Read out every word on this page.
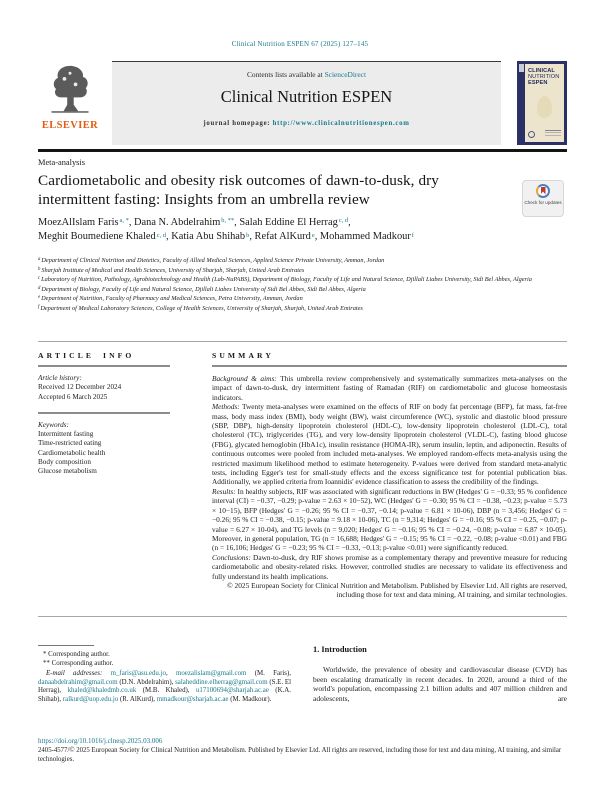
Clinical Nutrition ESPEN 67 (2025) 127–145
ELSEVIER
Contents lists available at ScienceDirect
Clinical Nutrition ESPEN
journal homepage: http://www.clinicalnutritionespen.com
CLINICAL
NUTRITION
ESPEN
Meta-analysis
Cardiometabolic and obesity risk outcomes of dawn-to-dusk, dry intermittent fasting: Insights from an umbrella review	Check for updates
MoezAlIslam Faris$^{a, *}$, Dana N. Abdelrahim$^{b, **}$, Salah Eddine El Herrag$^{c, d}$,
Meghit Boumediene Khaled$^{c, d}$, Katia Abu Shihab$^b$, Refat AlKurd$^e$, Mohammed Madkour$^f$
$^a$Department of Clinical Nutrition and Dietetics, Faculty of Allied Medical Sciences, Applied Science Private University, Amman, Jordan
$^b$Sharjah Institute of Medical and Health Sciences, University of Sharjah, Sharjah, United Arab Emirates
$^c$Laboratory of Nutrition, Pathology, Agrobiotechnology and Health (Lab-NuPABS), Department of Biology, Faculty of Life and Natural Science, Djillali Liabes University, Sidi Bel Abbes, Algeria
$^d$Department of Biology, Faculty of Life and Natural Science, Djillali Liabes University of Sidi Bel Abbes, Sidi Bel Abbes, Algeria
$^e$Department of Nutrition, Faculty of Pharmacy and Medical Sciences, Petra University, Amman, Jordan
$^f$Department of Medical Laboratory Sciences, College of Health Sciences, University of Sharjah, Sharjah, United Arab Emirates
ARTICLE INFO
Article history:
Received 12 December 2024
Accepted 6 March 2025
Keywords:
Intermittent fasting
Time-restricted eating
Cardiometabolic health
Body composition
Glucose metabolism
SUMMARY

Background & aims: This umbrella review comprehensively and systematically summarizes meta-analyses on the impact of dawn-to-dusk, dry intermittent fasting of Ramadan (RIF) on cardiometabolic and glucose homeostasis indicators.

Methods: Twenty meta-analyses were examined on the effects of RIF on body fat percentage (BFP), fat mass, fat-free mass, body mass index (BMI), body weight (BW), waist circumference (WC), systolic and diastolic blood pressure (SBP, DBP), high-density lipoprotein cholesterol (HDL-C), low-density lipoprotein cholesterol (LDL-C), total cholesterol (TC), triglycerides (TG), and very low-density lipoprotein cholesterol (VLDL-C), fasting blood glucose (FBG), glycated hemoglobin (HbA1c), insulin resistance (HOMA-IR), serum insulin, leptin, and adiponectin. Results of continuous outcomes were pooled from included meta-analyses. We employed random-effects meta-analysis using the restricted maximum likelihood method to estimate heterogeneity. P-values were derived from standard meta-analytic tests, including Egger's test for small-study effects and the excess significance test for potential publication bias. Additionally, we applied criteria from Ioannidis' evidence classification to assess the credibility of the findings.

Results: In healthy subjects, RIF was associated with significant reductions in BW (Hedges' G = −0.33; 95 % confidence interval (CI) = −0.37, −0.29; p-value = 2.63 × 10−52), WC (Hedges' G = −0.30; 95 % CI = −0.38, −0.23; p-value = 5.73 × 10−15), BFP (Hedges' G = −0.26; 95 % CI = −0.37, −0.14; p-value = 6.81 × 10-06), DBP (n = 3,456; Hedges' G = −0.26; 95 % CI = −0.38, −0.15; p-value = 9.18 × 10-06), TC (n = 9,314; Hedges' G = −0.16; 95 % CI = −0.25, −0.07; p-value = 6.27 × 10-04), and TG levels (n = 9,020; Hedges' G = −0.16; 95 % CI = −0.24, −0.08; p-value = 6.87 × 10-05). Moreover, in general population, TG (n = 16,688; Hedges' G = −0.15; 95 % CI = −0.22, −0.08; p-value <0.01) and FBG (n = 16,106; Hedges' G = −0.23; 95 % CI = −0.33, −0.13; p-value <0.01) were significantly reduced.

Conclusions: Dawn-to-dusk, dry RIF shows promise as a complementary therapy and preventive measure for reducing cardiometabolic and obesity-related risks. However, controlled studies are necessary to validate its effectiveness and fully understand its health implications.

© 2025 European Society for Clinical Nutrition and Metabolism. Published by Elsevier Ltd. All rights are reserved, including those for text and data mining, AI training, and similar technologies.

* Corresponding author.
** Corresponding author.

E-mail addresses: m_faris@asu.edu.jo, moezalislam@gmail.com (M. Faris), danaabdelrahim@gmail.com (D.N. Abdelrahim), salaheddine.elherrag@gmail.com (S.E. El Herrag), khaled@khaledmb.co.uk (M.B. Khaled), u17100694@sharjah.ac.ae (K.A. Shihab), ralkurd@uop.edu.jo (R. AlKurd), mmadkour@sharjah.ac.ae (M. Madkour).

1. Introduction

Worldwide, the prevalence of obesity and cardiovascular disease (CVD) has been escalating dramatically in recent decades. In 2020, around a third of the world's population, encompassing 2.1 billion adults and 407 million children and adolescents, are

https://doi.org/10.1016/j.clnesp.2025.03.006
2405-4577/© 2025 European Society for Clinical Nutrition and Metabolism. Published by Elsevier Ltd. All rights are reserved, including those for text and data mining, AI training, and similar technologies.
